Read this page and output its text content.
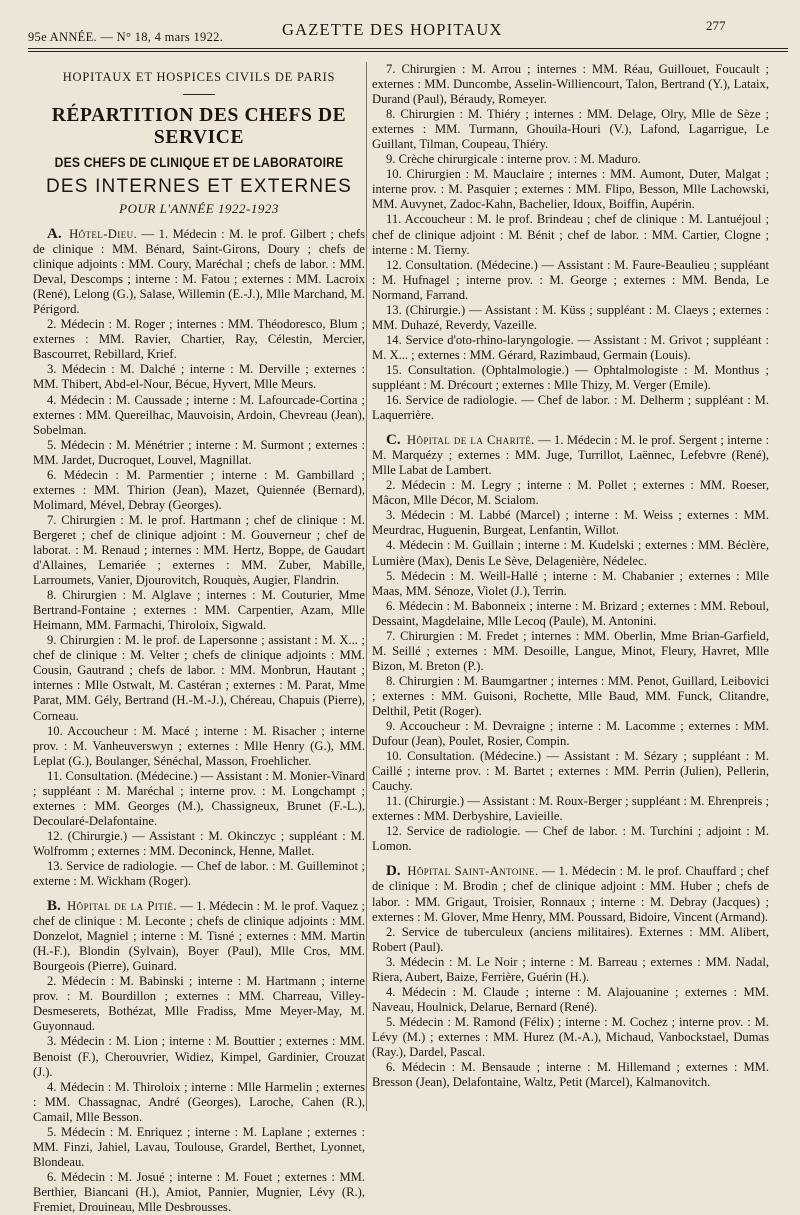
95e ANNÉE. — N° 18, 4 mars 1922.	GAZETTE DES HOPITAUX	277
HOPITAUX ET HOSPICES CIVILS DE PARIS
RÉPARTITION DES CHEFS DE SERVICE
DES CHEFS DE CLINIQUE ET DE LABORATOIRE
DES INTERNES ET EXTERNES
POUR L'ANNÉE 1922-1923

A. Hôtel-Dieu. — 1. Médecin : M. le prof. Gilbert ; chefs de clinique : MM. Bénard, Saint-Girons, Doury ; chefs de clinique adjoints : MM. Coury, Maréchal ; chefs de labor. : MM. Deval, Descomps ; interne : M. Fatou ; externes : MM. Lacroix (René), Lelong (G.), Salase, Willemin (E.-J.), Mlle Marchand, M. Périgord.

2. Médecin : M. Roger ; internes : MM. Théodoresco, Blum ; externes : MM. Ravier, Chartier, Ray, Célestin, Mercier, Bascourret, Rebillard, Krief.

3. Médecin : M. Dalché ; interne : M. Derville ; externes : MM. Thibert, Abd-el-Nour, Bécue, Hyvert, Mlle Meurs.

4. Médecin : M. Caussade ; interne : M. Lafourcade-Cortina ; externes : MM. Quereilhac, Mauvoisin, Ardoin, Chevreau (Jean), Sobelman.

5. Médecin : M. Ménétrier ; interne : M. Surmont ; externes : MM. Jardet, Ducroquet, Louvel, Magnillat.

6. Médecin : M. Parmentier ; interne : M. Gambillard ; externes : MM. Thirion (Jean), Mazet, Quiennée (Bernard), Molimard, Mével, Debray (Georges).

7. Chirurgien : M. le prof. Hartmann ; chef de clinique : M. Bergeret ; chef de clinique adjoint : M. Gouverneur ; chef de laborat. : M. Renaud ; internes : MM. Hertz, Boppe, de Gaudart d'Allaines, Lemariée ; externes : MM. Zuber, Mabille, Larroumets, Vanier, Djourovitch, Rouquès, Augier, Flandrin.

8. Chirurgien : M. Alglave ; internes : M. Couturier, Mme Bertrand-Fontaine ; externes : MM. Carpentier, Azam, Mlle Heimann, MM. Farmachi, Thiroloix, Sigwald.

9. Chirurgien : M. le prof. de Lapersonne ; assistant : M. X... ; chef de clinique : M. Velter ; chefs de clinique adjoints : MM. Cousin, Gautrand ; chefs de labor. : MM. Monbrun, Hautant ; internes : Mlle Ostwalt, M. Castéran ; externes : M. Parat, Mme Parat, MM. Gély, Bertrand (H.-M.-J.), Chéreau, Chapuis (Pierre), Corneau.

10. Accoucheur : M. Macé ; interne : M. Risacher ; interne prov. : M. Vanheuverswyn ; externes : Mlle Henry (G.), MM. Leplat (G.), Boulanger, Sénéchal, Masson, Froehlicher.

11. Consultation. (Médecine.) — Assistant : M. Monier-Vinard ; suppléant : M. Maréchal ; interne prov. : M. Longchampt ; externes : MM. Georges (M.), Chassigneux, Brunet (F.-L.), Decoularé-Delafontaine.

12. (Chirurgie.) — Assistant : M. Okinczyc ; suppléant : M. Wolfromm ; externes : MM. Deconinck, Henne, Mallet.

13. Service de radiologie. — Chef de labor. : M. Guilleminot ; externe : M. Wickham (Roger).

B. Hôpital de la Pitié. — 1. Médecin : M. le prof. Vaquez ; chef de clinique : M. Leconte ; chefs de clinique adjoints : MM. Donzelot, Magniel ; interne : M. Tisné ; externes : MM. Martin (H.-F.), Blondin (Sylvain), Boyer (Paul), Mlle Cros, MM. Bourgeois (Pierre), Guinard.

2. Médecin : M. Babinski ; interne : M. Hartmann ; interne prov. : M. Bourdillon ; externes : MM. Charreau, Villey-Desmeserets, Bothézat, Mlle Fradiss, Mme Meyer-May, M. Guyonnaud.

3. Médecin : M. Lion ; interne : M. Bouttier ; externes : MM. Benoist (F.), Cherouvrier, Widiez, Kimpel, Gardinier, Crouzat (J.).

4. Médecin : M. Thiroloix ; interne : Mlle Harmelin ; externes : MM. Chassagnac, André (Georges), Laroche, Cahen (R.), Camail, Mlle Besson.

5. Médecin : M. Enriquez ; interne : M. Laplane ; externes : MM. Finzi, Jahiel, Lavau, Toulouse, Grardel, Berthet, Lyonnet, Blondeau.

6. Médecin : M. Josué ; interne : M. Fouet ; externes : MM. Berthier, Biancani (H.), Amiot, Pannier, Mugnier, Lévy (R.), Fremiet, Drouineau, Mlle Desbrousses.

7. Chirurgien : M. Arrou ; internes : MM. Réau, Guillouet, Foucault ; externes : MM. Duncombe, Asselin-Williencourt, Talon, Bertrand (Y.), Lataix, Durand (Paul), Béraudy, Romeyer.

8. Chirurgien : M. Thiéry ; internes : MM. Delage, Olry, Mlle de Sèze ; externes : MM. Turmann, Ghouila-Houri (V.), Lafond, Lagarrigue, Le Guillant, Tilman, Coupeau, Thiéry.

9. Crèche chirurgicale : interne prov. : M. Maduro.

10. Chirurgien : M. Mauclaire ; internes : MM. Aumont, Duter, Malgat ; interne prov. : M. Pasquier ; externes : MM. Flipo, Besson, Mlle Lachowski, MM. Auvynet, Zadoc-Kahn, Bachelier, Idoux, Boiffin, Aupérin.

11. Accoucheur : M. le prof. Brindeau ; chef de clinique : M. Lantuéjoul ; chef de clinique adjoint : M. Bénit ; chef de labor. : MM. Cartier, Clogne ; interne : M. Tierny.

12. Consultation. (Médecine.) — Assistant : M. Faure-Beaulieu ; suppléant : M. Hufnagel ; interne prov. : M. George ; externes : MM. Benda, Le Normand, Farrand.

13. (Chirurgie.) — Assistant : M. Küss ; suppléant : M. Claeys ; externes : MM. Duhazé, Reverdy, Vazeille.

14. Service d'oto-rhino-laryngologie. — Assistant : M. Grivot ; suppléant : M. X... ; externes : MM. Gérard, Razimbaud, Germain (Louis).

15. Consultation. (Ophtalmologie.) — Ophtalmologiste : M. Monthus ; suppléant : M. Drécourt ; externes : Mlle Thizy, M. Verger (Emile).

16. Service de radiologie. — Chef de labor. : M. Delherm ; suppléant : M. Laquerrière.

C. Hôpital de la Charité. — 1. Médecin : M. le prof. Sergent ; interne : M. Marquézy ; externes : MM. Juge, Turrillot, Laënnec, Lefebvre (René), Mlle Labat de Lambert.

2. Médecin : M. Legry ; interne : M. Pollet ; externes : MM. Roeser, Mâcon, Mlle Décor, M. Scialom.

3. Médecin : M. Labbé (Marcel) ; interne : M. Weiss ; externes : MM. Meurdrac, Huguenin, Burgeat, Lenfantin, Willot.

4. Médecin : M. Guillain ; interne : M. Kudelski ; externes : MM. Béclère, Lumière (Max), Denis Le Sève, Delagenière, Nédelec.

5. Médecin : M. Weill-Hallé ; interne : M. Chabanier ; externes : Mlle Maas, MM. Sénoze, Violet (J.), Terrin.

6. Médecin : M. Babonneix ; interne : M. Brizard ; externes : MM. Reboul, Dessaint, Magdelaine, Mlle Lecoq (Paule), M. Antonini.

7. Chirurgien : M. Fredet ; internes : MM. Oberlin, Mme Brian-Garfield, M. Seillé ; externes : MM. Desoille, Langue, Minot, Fleury, Havret, Mlle Bizon, M. Breton (P.).

8. Chirurgien : M. Baumgartner ; internes : MM. Penot, Guillard, Leibovici ; externes : MM. Guisoni, Rochette, Mlle Baud, MM. Funck, Clitandre, Delthil, Petit (Roger).

9. Accoucheur : M. Devraigne ; interne : M. Lacomme ; externes : MM. Dufour (Jean), Poulet, Rosier, Compin.

10. Consultation. (Médecine.) — Assistant : M. Sézary ; suppléant : M. Caillé ; interne prov. : M. Bartet ; externes : MM. Perrin (Julien), Pellerin, Cauchy.

11. (Chirurgie.) — Assistant : M. Roux-Berger ; suppléant : M. Ehrenpreis ; externes : MM. Derbyshire, Lavieille.

12. Service de radiologie. — Chef de labor. : M. Turchini ; adjoint : M. Lomon.

D. Hôpital Saint-Antoine. — 1. Médecin : M. le prof. Chauffard ; chef de clinique : M. Brodin ; chef de clinique adjoint : MM. Huber ; chefs de labor. : MM. Grigaut, Troisier, Ronnaux ; interne : M. Debray (Jacques) ; externes : M. Glover, Mme Henry, MM. Poussard, Bidoire, Vincent (Armand).

2. Service de tuberculeux (anciens militaires). Externes : MM. Alibert, Robert (Paul).

3. Médecin : M. Le Noir ; interne : M. Barreau ; externes : MM. Nadal, Riera, Aubert, Baize, Ferrière, Guérin (H.).

4. Médecin : M. Claude ; interne : M. Alajouanine ; externes : MM. Naveau, Houlnick, Delarue, Bernard (René).

5. Médecin : M. Ramond (Félix) ; interne : M. Cochez ; interne prov. : M. Lévy (M.) ; externes : MM. Hurez (M.-A.), Michaud, Vanbockstael, Dumas (Ray.), Dardel, Pascal.

6. Médecin : M. Bensaude ; interne : M. Hillemand ; externes : MM. Bresson (Jean), Delafontaine, Waltz, Petit (Marcel), Kalmanovitch.
